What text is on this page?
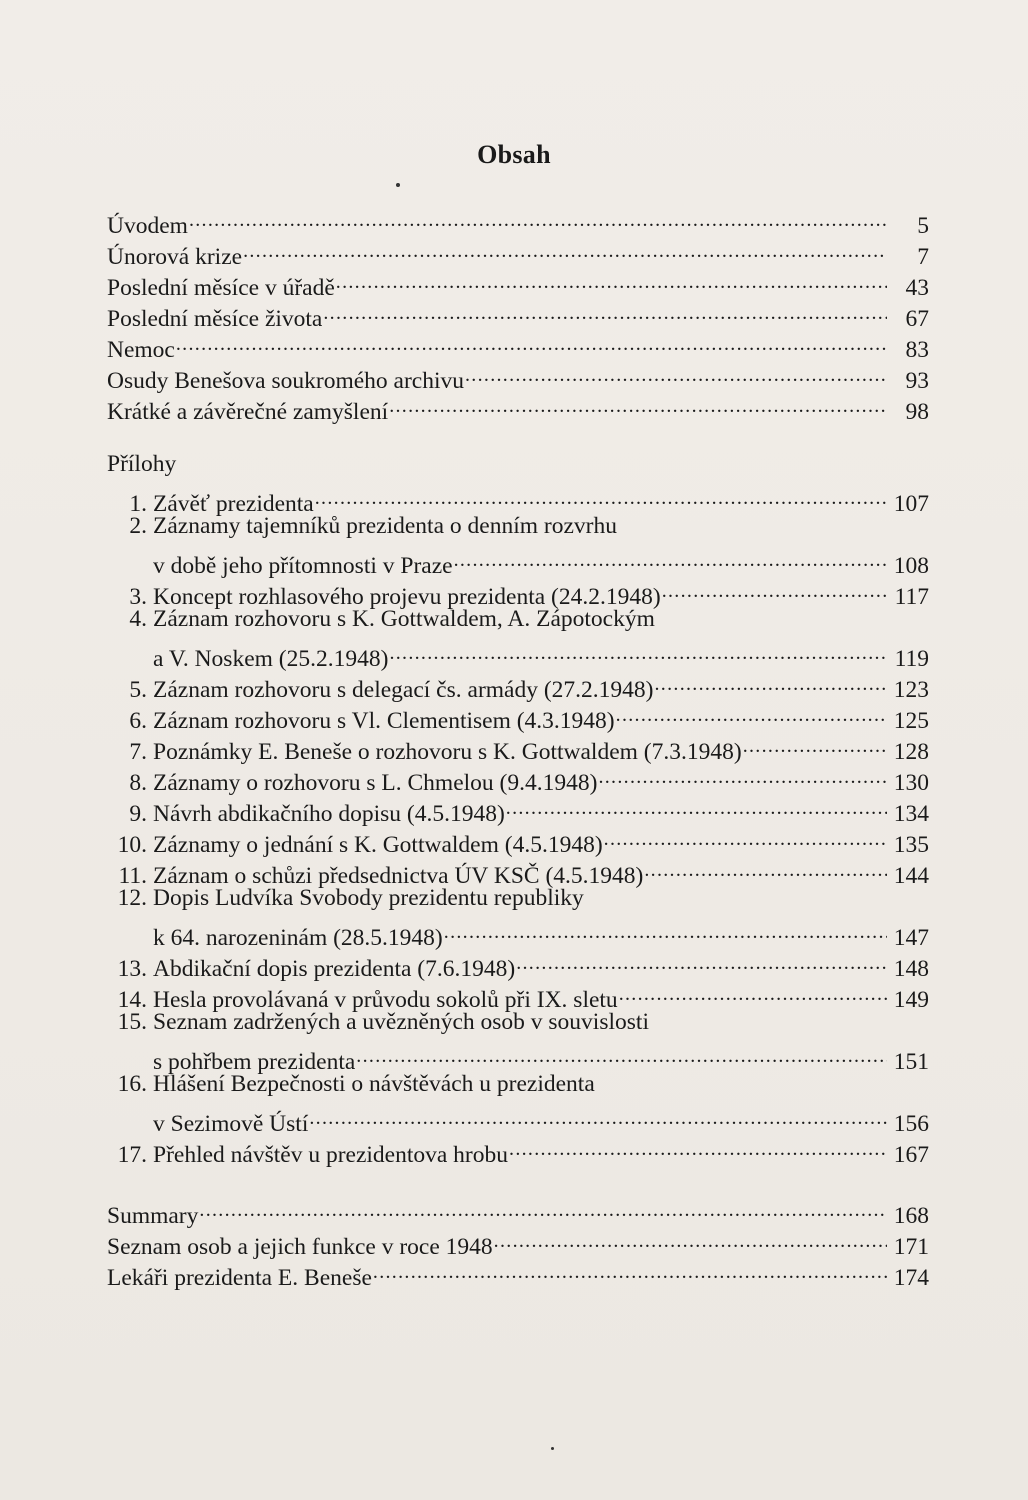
Obsah
Úvodem .....	5
Únorová krize .....	7
Poslední měsíce v úřadě .....	43
Poslední měsíce života .....	67
Nemoc .....	83
Osudy Benešova soukromého archivu .....	93
Krátké a závěrečné zamyšlení .....	98
Přílohy
1. Závěť prezidenta .....	107
2. Záznamy tajemníků prezidenta o denním rozvrhu
v době jeho přítomnosti v Praze .....	108
3. Koncept rozhlasového projevu prezidenta (24.2.1948) .....	117
4. Záznam rozhovoru s K. Gottwaldem, A. Zápotockým
a V. Noskem (25.2.1948) .....	119
5. Záznam rozhovoru s delegací čs. armády (27.2.1948) .....	123
6. Záznam rozhovoru s Vl. Clementisem (4.3.1948) .....	125
7. Poznámky E. Beneše o rozhovoru s K. Gottwaldem (7.3.1948) .....	128
8. Záznamy o rozhovoru s L. Chmelou (9.4.1948) .....	130
9. Návrh abdikačního dopisu (4.5.1948) .....	134
10. Záznamy o jednání s K. Gottwaldem (4.5.1948) .....	135
11. Záznam o schůzi předsednictva ÚV KSČ (4.5.1948) .....	144
12. Dopis Ludvíka Svobody prezidentu republiky
k 64. narozeninám (28.5.1948) .....	147
13. Abdikační dopis prezidenta (7.6.1948) .....	148
14. Hesla provolávaná v průvodu sokolů při IX. sletu .....	149
15. Seznam zadržených a uvězněných osob v souvislosti
s pohřbem prezidenta .....	151
16. Hlášení Bezpečnosti o návštěvách u prezidenta
v Sezimově Ústí .....	156
17. Přehled návštěv u prezidentova hrobu .....	167
Summary .....	168
Seznam osob a jejich funkce v roce 1948 .....	171
Lekáři prezidenta E. Beneše .....	174
